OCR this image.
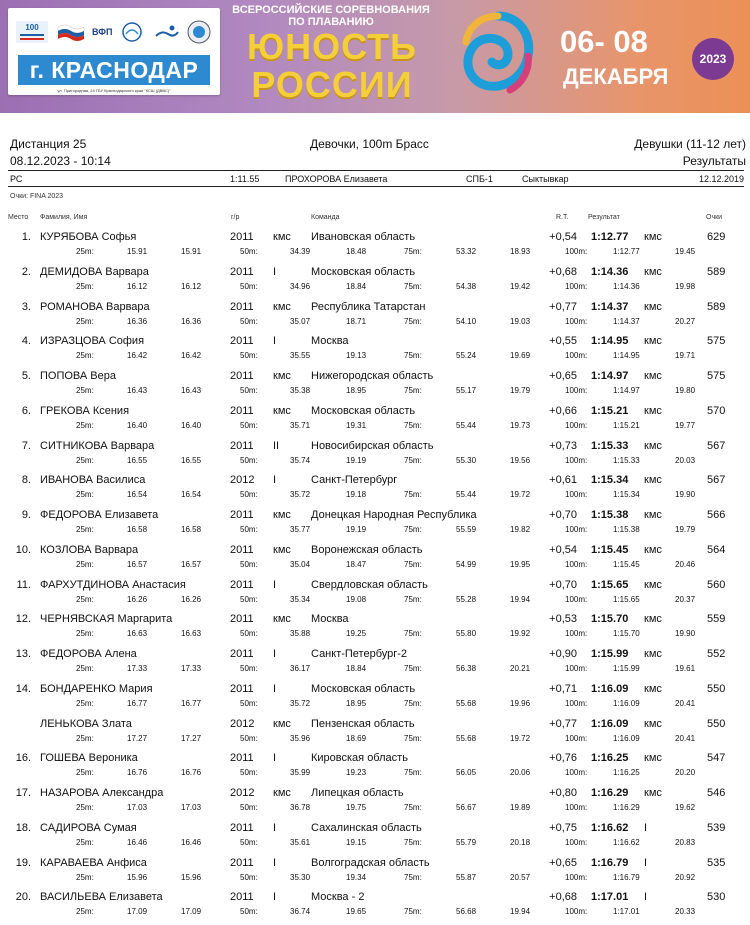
100	ВФП
г. КРАСНОДАР
ул. Пригородная, 24 ГБУ Краснодарского края "КСШ (ДВВС)"
ВСЕРОССИЙСКИЕ СОРЕВНОВАНИЯ
ПО ПЛАВАНИЮ
ЮНОСТЬ
РОССИИ
06- 08
ДЕКАБРЯ
2023
Дистанция 25	Девочки, 100m Брасс	Девушки (11-12 лет)
08.12.2023 - 10:14	Результаты
РС	1:11.55	ПРОХОРОВА Елизавета	СПБ-1	Сыктывкар	12.12.2019
Очки: FINA 2023
Место Фамилия, Имя	г/р	Команда	R.T.	Результат	Очки
1. КУРЯБОВА Софья	2011 кмс Ивановская область	+0,54 1:12.77 кмс	629
25m:	15.91	15.91	50m:	34.39	18.48	75m:	53.32	18.93	100m:	1:12.77	19.45
2. ДЕМИДОВА Варвара	2011 I	Московская область	+0,68 1:14.36 кмс	589
25m:	16.12	16.12	50m:	34.96	18.84	75m:	54.38	19.42	100m:	1:14.36	19.98
3. РОМАНОВА Варвара	2011 кмс Республика Татарстан	+0,77 1:14.37 кмс	589
25m:	16.36	16.36	50m:	35.07	18.71	75m:	54.10	19.03	100m:	1:14.37	20.27
4. ИЗРАЗЦОВА София	2011 I	Москва	+0,55 1:14.95 кмс	575
25m:	16.42	16.42	50m:	35.55	19.13	75m:	55.24	19.69	100m:	1:14.95	19.71
5. ПОПОВА Вера	2011 кмс Нижегородская область	+0,65 1:14.97 кмс	575
25m:	16.43	16.43	50m:	35.38	18.95	75m:	55.17	19.79	100m:	1:14.97	19.80
6. ГРЕКОВА Ксения	2011 кмс Московская область	+0,66 1:15.21 кмс	570
25m:	16.40	16.40	50m:	35.71	19.31	75m:	55.44	19.73	100m:	1:15.21	19.77
7. СИТНИКОВА Варвара	2011 II	Новосибирская область	+0,73 1:15.33 кмс	567
25m:	16.55	16.55	50m:	35.74	19.19	75m:	55.30	19.56	100m:	1:15.33	20.03
8. ИВАНОВА Василиса	2012 I	Санкт-Петербург	+0,61 1:15.34 кмс	567
25m:	16.54	16.54	50m:	35.72	19.18	75m:	55.44	19.72	100m:	1:15.34	19.90
9. ФЕДОРОВА Елизавета	2011 кмс Донецкая Народная Республика	+0,70 1:15.38 кмс	566
25m:	16.58	16.58	50m:	35.77	19.19	75m:	55.59	19.82	100m:	1:15.38	19.79
10. КОЗЛОВА Варвара	2011 кмс Воронежская область	+0,54 1:15.45 кмс	564
25m:	16.57	16.57	50m:	35.04	18.47	75m:	54.99	19.95	100m:	1:15.45	20.46
11. ФАРХУТДИНОВА Анастасия	2011 I	Свердловская область	+0,70 1:15.65 кмс	560
25m:	16.26	16.26	50m:	35.34	19.08	75m:	55.28	19.94	100m:	1:15.65	20.37
12. ЧЕРНЯВСКАЯ Маргарита	2011 кмс Москва	+0,53 1:15.70 кмс	559
25m:	16.63	16.63	50m:	35.88	19.25	75m:	55.80	19.92	100m:	1:15.70	19.90
13. ФЕДОРОВА Алена	2011 I	Санкт-Петербург-2	+0,90 1:15.99 кмс	552
25m:	17.33	17.33	50m:	36.17	18.84	75m:	56.38	20.21	100m:	1:15.99	19.61
14. БОНДАРЕНКО Мария	2011 I	Московская область	+0,71 1:16.09 кмс	550
25m:	16.77	16.77	50m:	35.72	18.95	75m:	55.68	19.96	100m:	1:16.09	20.41
ЛЕНЬКОВА Злата	2012 кмс Пензенская область	+0,77 1:16.09 кмс	550
25m:	17.27	17.27	50m:	35.96	18.69	75m:	55.68	19.72	100m:	1:16.09	20.41
16. ГОШЕВА Вероника	2011 I	Кировская область	+0,76 1:16.25 кмс	547
25m:	16.76	16.76	50m:	35.99	19.23	75m:	56.05	20.06	100m:	1:16.25	20.20
17. НАЗАРОВА Александра	2012 кмс Липецкая область	+0,80 1:16.29 кмс	546
25m:	17.03	17.03	50m:	36.78	19.75	75m:	56.67	19.89	100m:	1:16.29	19.62
18. САДИРОВА Сумая	2011 I	Сахалинская область	+0,75 1:16.62 I	539
25m:	16.46	16.46	50m:	35.61	19.15	75m:	55.79	20.18	100m:	1:16.62	20.83
19. КАРАВАЕВА Анфиса	2011 I	Волгоградская область	+0,65 1:16.79 I	535
25m:	15.96	15.96	50m:	35.30	19.34	75m:	55.87	20.57	100m:	1:16.79	20.92
20. ВАСИЛЬЕВА Елизавета	2011 I	Москва - 2	+0,68 1:17.01 I	530
25m:	17.09	17.09	50m:	36.74	19.65	75m:	56.68	19.94	100m:	1:17.01	20.33
